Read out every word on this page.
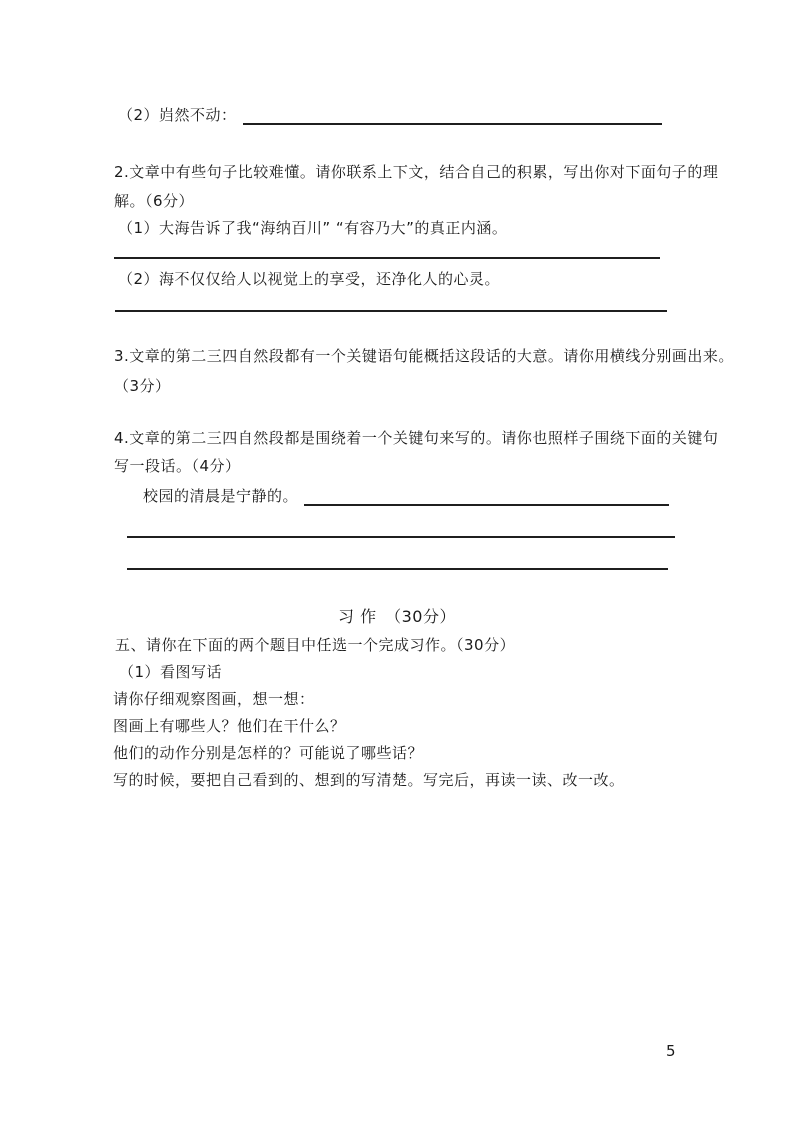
（2）岿然不动：
2.文章中有些句子比较难懂。请你联系上下文，结合自己的积累，写出你对下面句子的理
解。（6分）
（1）大海告诉了我“海纳百川” “有容乃大”的真正内涵。
（2）海不仅仅给人以视觉上的享受，还净化人的心灵。
3.文章的第二三四自然段都有一个关键语句能概括这段话的大意。请你用横线分别画出来。
（3分）
4.文章的第二三四自然段都是围绕着一个关键句来写的。请你也照样子围绕下面的关键句
写一段话。（4分）
校园的清晨是宁静的。
习 作　（30分）
五、请你在下面的两个题目中任选一个完成习作。（30分）
（1）看图写话
请你仔细观察图画，想一想：
图画上有哪些人？他们在干什么？
他们的动作分别是怎样的？可能说了哪些话？
写的时候，要把自己看到的、想到的写清楚。写完后，再读一读、改一改。
5
